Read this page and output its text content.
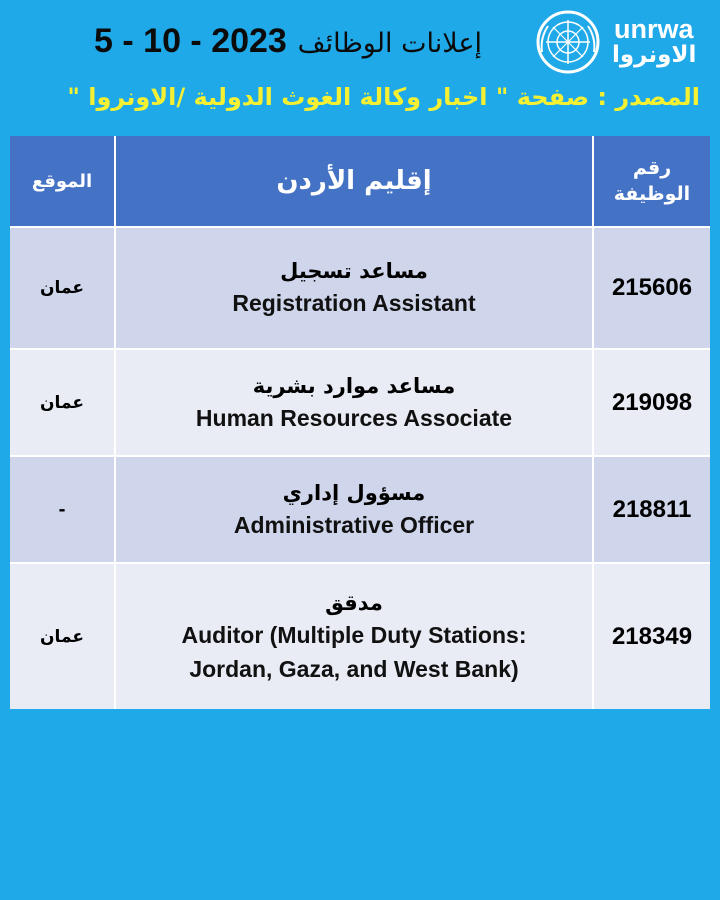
إعلانات الوظائف 5 - 10 - 2023
المصدر : صفحة " اخبار وكالة الغوث الدولية /الاونروا "
unrwa
الاونروا
رقم الوظيفة
إقليم الأردن
الموقع
215606
مساعد تسجيل
Registration Assistant
عمان
219098
مساعد موارد بشرية
Human Resources Associate
عمان
218811
مسؤول إداري
Administrative Officer
-
218349
مدقق
Auditor (Multiple Duty Stations:
Jordan, Gaza, and West Bank)
عمان
